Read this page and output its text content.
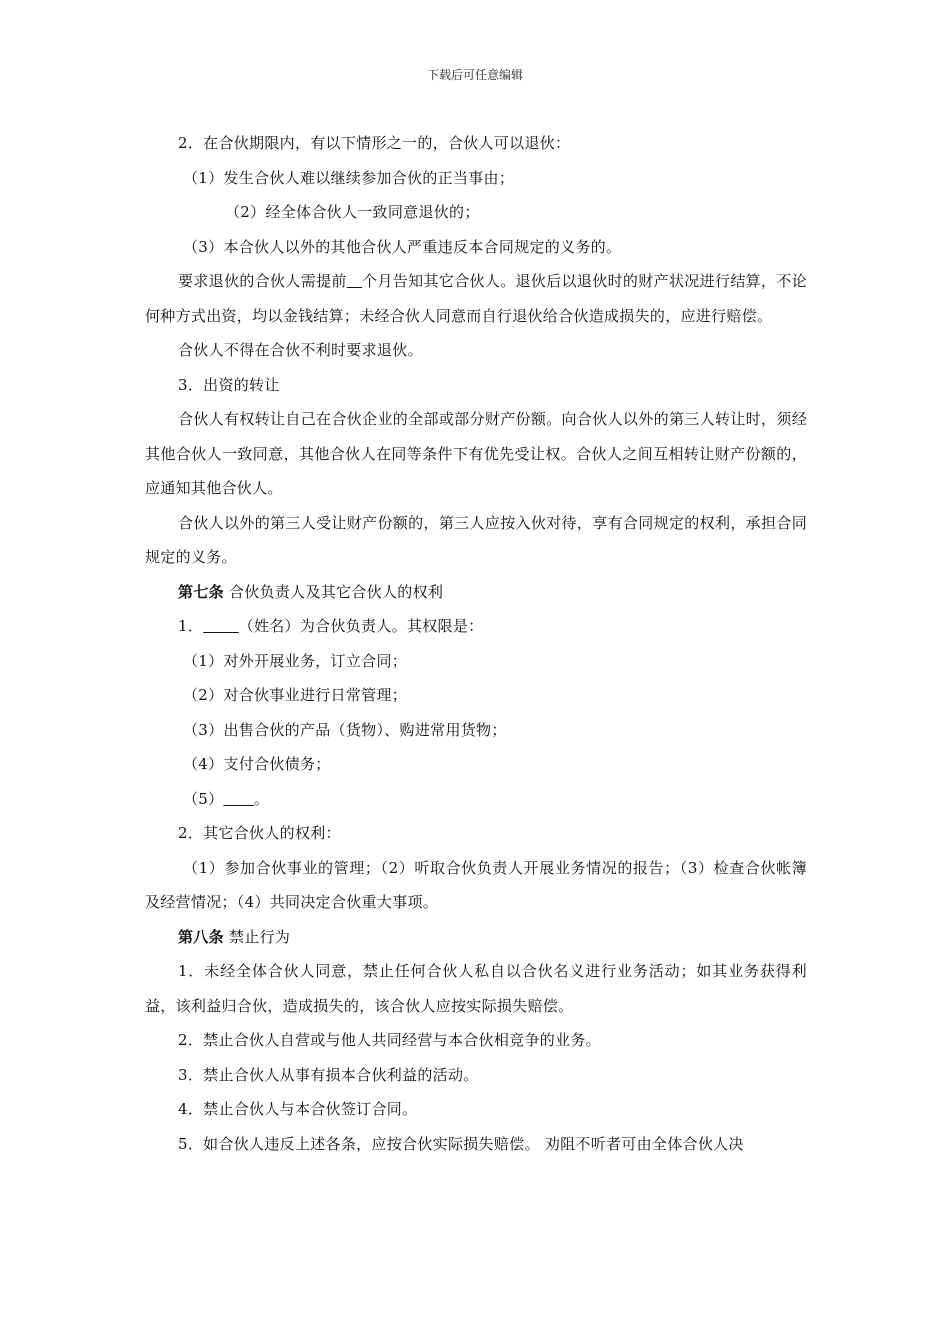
下载后可任意编辑

2．在合伙期限内，有以下情形之一的，合伙人可以退伙：

（1）发生合伙人难以继续参加合伙的正当事由；

（2）经全体合伙人一致同意退伙的；

（3）本合伙人以外的其他合伙人严重违反本合同规定的义务的。

要求退伙的合伙人需提前 个月告知其它合伙人。退伙后以退伙时的财产状况进行结算，不论何种方式出资，均以金钱结算；未经合伙人同意而自行退伙给合伙造成损失的，应进行赔偿。

合伙人不得在合伙不利时要求退伙。

3．出资的转让

合伙人有权转让自己在合伙企业的全部或部分财产份额。向合伙人以外的第三人转让时，须经其他合伙人一致同意，其他合伙人在同等条件下有优先受让权。合伙人之间互相转让财产份额的，应通知其他合伙人。

合伙人以外的第三人受让财产份额的，第三人应按入伙对待，享有合同规定的权利，承担合同规定的义务。

第七条 合伙负责人及其它合伙人的权利

1． （姓名）为合伙负责人。其权限是：

（1）对外开展业务，订立合同；

（2）对合伙事业进行日常管理；

（3）出售合伙的产品（货物）、购进常用货物；

（4）支付合伙债务；

（5） 。

2．其它合伙人的权利：

（1）参加合伙事业的管理；（2）听取合伙负责人开展业务情况的报告；（3）检查合伙帐簿及经营情况；（4）共同决定合伙重大事项。

第八条 禁止行为

1．未经全体合伙人同意，禁止任何合伙人私自以合伙名义进行业务活动；如其业务获得利益，该利益归合伙，造成损失的，该合伙人应按实际损失赔偿。

2．禁止合伙人自营或与他人共同经营与本合伙相竞争的业务。

3．禁止合伙人从事有损本合伙利益的活动。

4．禁止合伙人与本合伙签订合同。

5．如合伙人违反上述各条，应按合伙实际损失赔偿。 劝阻不听者可由全体合伙人决
